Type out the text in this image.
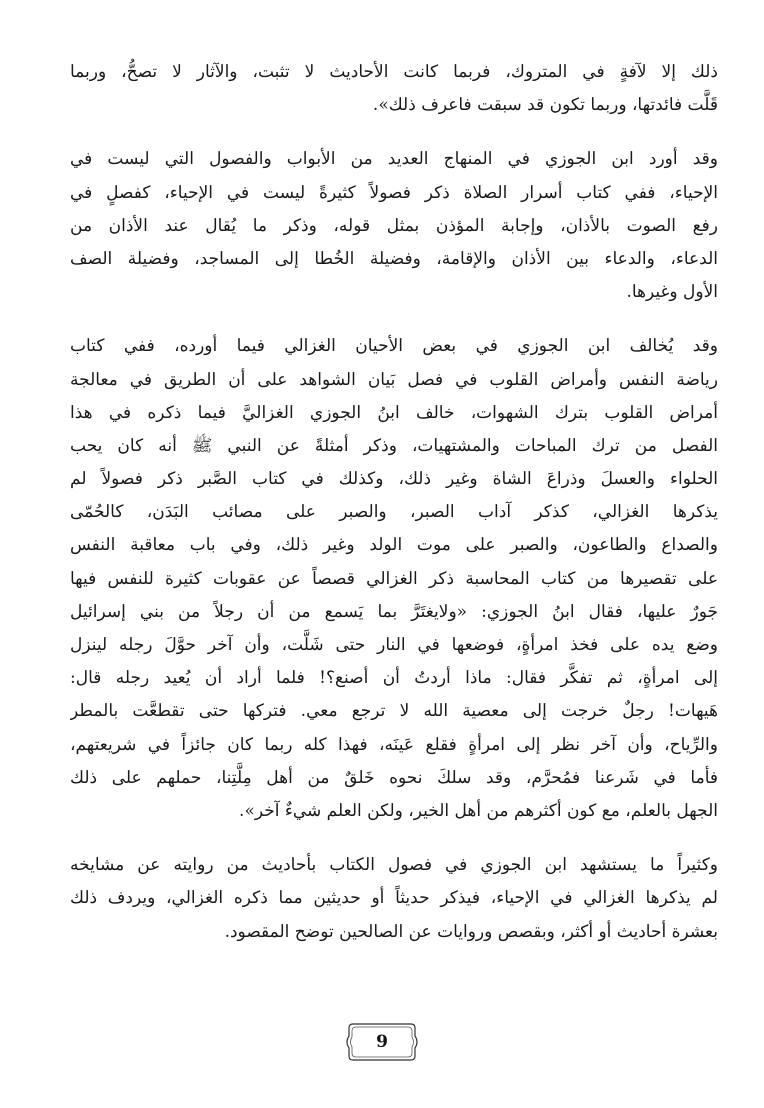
ذلك إلا لآفةٍ في المتروك، فربما كانت الأحاديث لا تثبت، والآثار لا تصحُّ، وربما
قَلَّت فائدتها، وربما تكون قد سبقت فاعرف ذلك».
وقد أورد ابن الجوزي في المنهاج العديد من الأبواب والفصول التي ليست في
الإحياء، ففي كتاب أسرار الصلاة ذكر فصولاً كثيرةً ليست في الإحياء، كفصلٍ في
رفع الصوت بالأذان، وإجابة المؤذن بمثل قوله، وذكر ما يُقال عند الأذان من
الدعاء، والدعاء بين الأذان والإقامة، وفضيلة الخُطا إلى المساجد، وفضيلة الصف
الأول وغيرها.
وقد يُخالف ابن الجوزي في بعض الأحيان الغزالي فيما أورده، ففي كتاب
رياضة النفس وأمراض القلوب في فصل بَيان الشواهد على أن الطريق في معالجة
أمراض القلوب بترك الشهوات، خالف ابنُ الجوزي الغزاليَّ فيما ذكره في هذا
الفصل من ترك المباحات والمشتهيات، وذكر أمثلةً عن النبي ﷺ أنه كان يحب
الحلواء والعسلَ وذراعَ الشاة وغير ذلك، وكذلك في كتاب الصَّبر ذكر فصولاً لم
يذكرها الغزالي، كذكر آداب الصبر، والصبر على مصائب البَدَن، كالحُمّى
والصداع والطاعون، والصبر على موت الولد وغير ذلك، وفي باب معاقبة النفس
على تقصيرها من كتاب المحاسبة ذكر الغزالي قصصاً عن عقوبات كثيرة للنفس فيها
جَورٌ عليها، فقال ابنُ الجوزي: «ولايغتَرَّ بما يَسمع من أن رجلاً من بني إسرائيل
وضع يده على فخذ امرأةٍ، فوضعها في النار حتى شَلَّت، وأن آخر حوَّلَ رجله لينزل
إلى امرأةٍ، ثم تفكَّر فقال: ماذا أردتُ أن أصنع؟! فلما أراد أن يُعيد رجله قال:
هَيهات! رجلٌ خرجت إلى معصية الله لا ترجع معي. فتركها حتى تقطعَّت بالمطر
والرِّياح، وأن آخر نظر إلى امرأةٍ فقلع عَينَه، فهذا كله ربما كان جائزاً في شريعتهم،
فأما في شَرعنا فمُحرَّم، وقد سلكَ نحوه خَلقٌ من أهل مِلَّتِنا، حملهم على ذلك
الجهل بالعلم، مع كون أكثرهم من أهل الخير، ولكن العلم شيءٌ آخر».
وكثيراً ما يستشهد ابن الجوزي في فصول الكتاب بأحاديث من روايته عن مشايخه
لم يذكرها الغزالي في الإحياء، فيذكر حديثاً أو حديثين مما ذكره الغزالي، ويردف ذلك
بعشرة أحاديث أو أكثر، وبقصص وروايات عن الصالحين توضح المقصود.
9
